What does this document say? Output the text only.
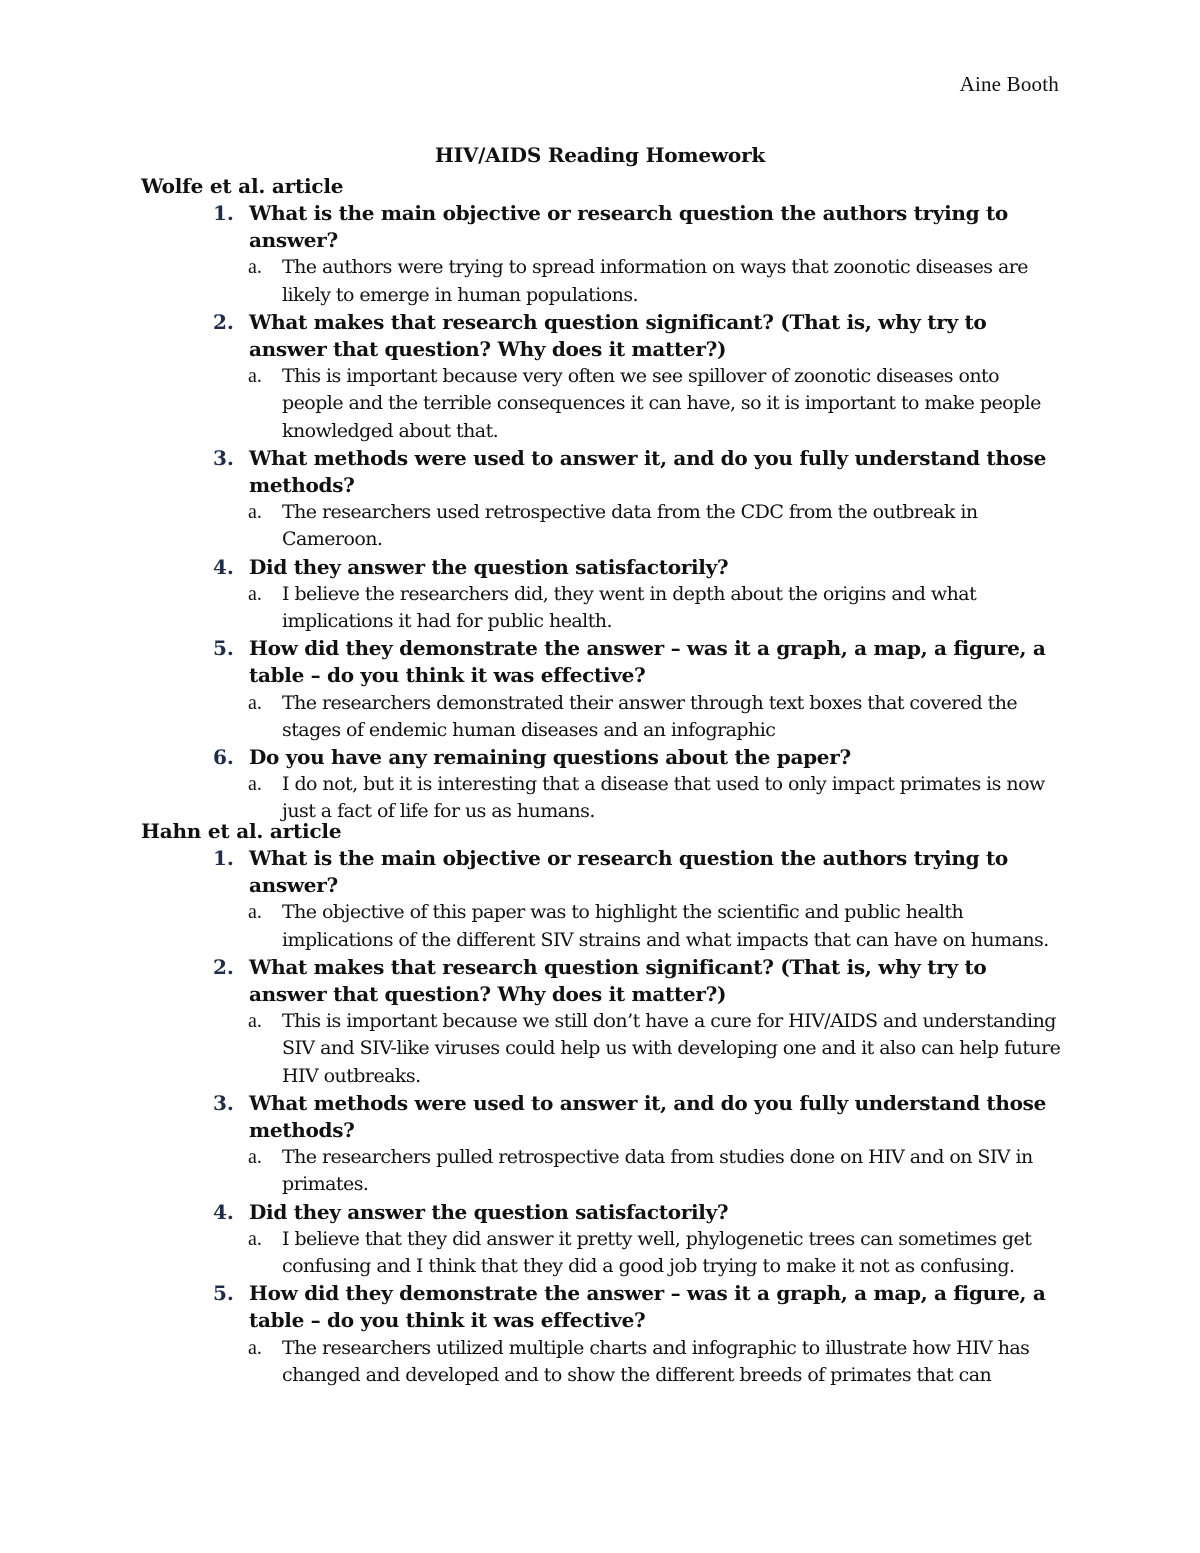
Aine Booth
HIV/AIDS Reading Homework
Wolfe et al. article
1. What is the main objective or research question the authors trying to answer?
a. The authors were trying to spread information on ways that zoonotic diseases are likely to emerge in human populations.
2. What makes that research question significant? (That is, why try to answer that question? Why does it matter?)
a. This is important because very often we see spillover of zoonotic diseases onto people and the terrible consequences it can have, so it is important to make people knowledged about that.
3. What methods were used to answer it, and do you fully understand those methods?
a. The researchers used retrospective data from the CDC from the outbreak in Cameroon.
4. Did they answer the question satisfactorily?
a. I believe the researchers did, they went in depth about the origins and what implications it had for public health.
5. How did they demonstrate the answer – was it a graph, a map, a figure, a table – do you think it was effective?
a. The researchers demonstrated their answer through text boxes that covered the stages of endemic human diseases and an infographic
6. Do you have any remaining questions about the paper?
a. I do not, but it is interesting that a disease that used to only impact primates is now just a fact of life for us as humans.
Hahn et al. article
1. What is the main objective or research question the authors trying to answer?
a. The objective of this paper was to highlight the scientific and public health implications of the different SIV strains and what impacts that can have on humans.
2. What makes that research question significant? (That is, why try to answer that question? Why does it matter?)
a. This is important because we still don’t have a cure for HIV/AIDS and understanding SIV and SIV-like viruses could help us with developing one and it also can help future HIV outbreaks.
3. What methods were used to answer it, and do you fully understand those methods?
a. The researchers pulled retrospective data from studies done on HIV and on SIV in primates.
4. Did they answer the question satisfactorily?
a. I believe that they did answer it pretty well, phylogenetic trees can sometimes get confusing and I think that they did a good job trying to make it not as confusing.
5. How did they demonstrate the answer – was it a graph, a map, a figure, a table – do you think it was effective?
a. The researchers utilized multiple charts and infographic to illustrate how HIV has changed and developed and to show the different breeds of primates that can
